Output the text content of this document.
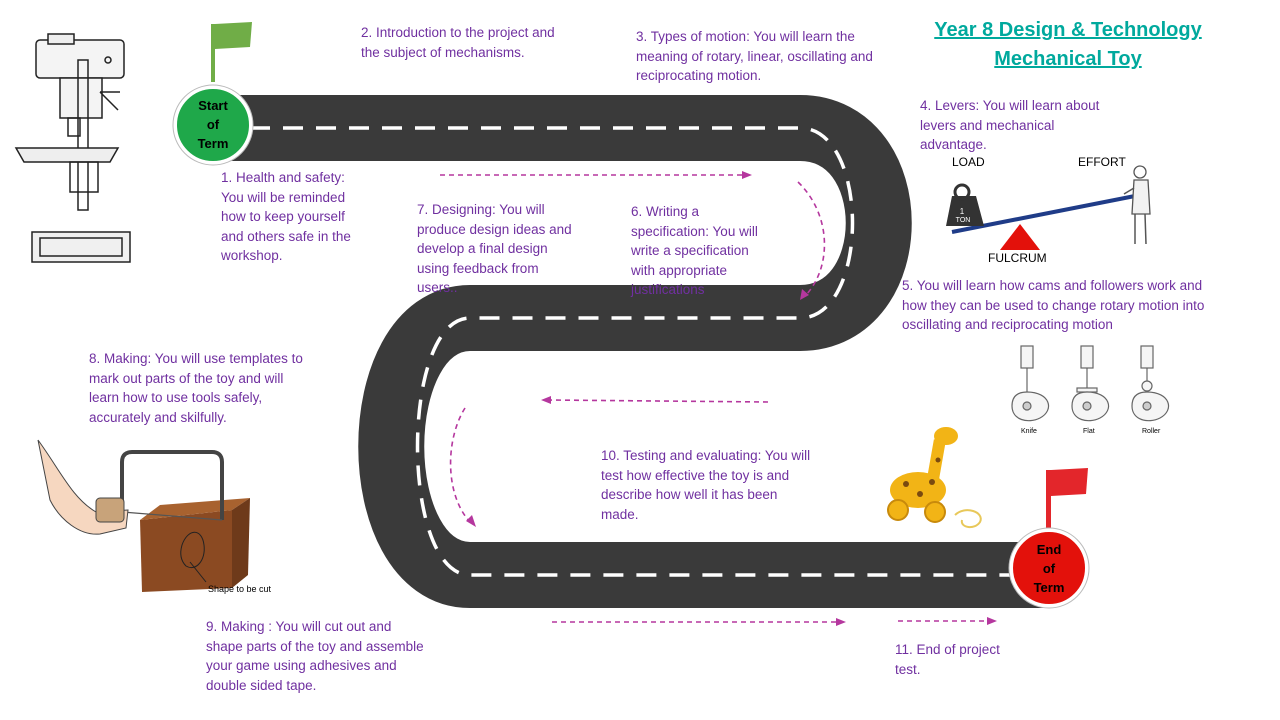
1
TON
Year 8 Design & Technology
Mechanical Toy
Start
of
Term
End
of
Term
1. Health and safety:
You will be reminded
how to keep yourself
and others safe in the
workshop.
2. Introduction to the project and
the subject of mechanisms.
3. Types of motion: You will learn the
meaning of rotary, linear, oscillating and
reciprocating motion.
4. Levers: You will learn about
levers and mechanical
advantage.
5. You will learn how cams and followers work and
how they can be used to change rotary motion into
oscillating and reciprocating motion
6. Writing a
specification: You will
write a specification
with appropriate
justifications
7. Designing: You will
produce design ideas and
develop a final design
using feedback from
users..
8. Making: You will use templates to
mark out parts of the toy and will
learn how to use tools safely,
accurately and skilfully.
9. Making : You will cut out and
shape parts of the toy and assemble
your game using adhesives and
double sided tape.
10. Testing and evaluating: You will
test how effective the toy is and
describe how well it has been
made.
11. End of project
test.
LOAD	EFFORT
FULCRUM
Knife	Flat	Roller
Shape to be cut
